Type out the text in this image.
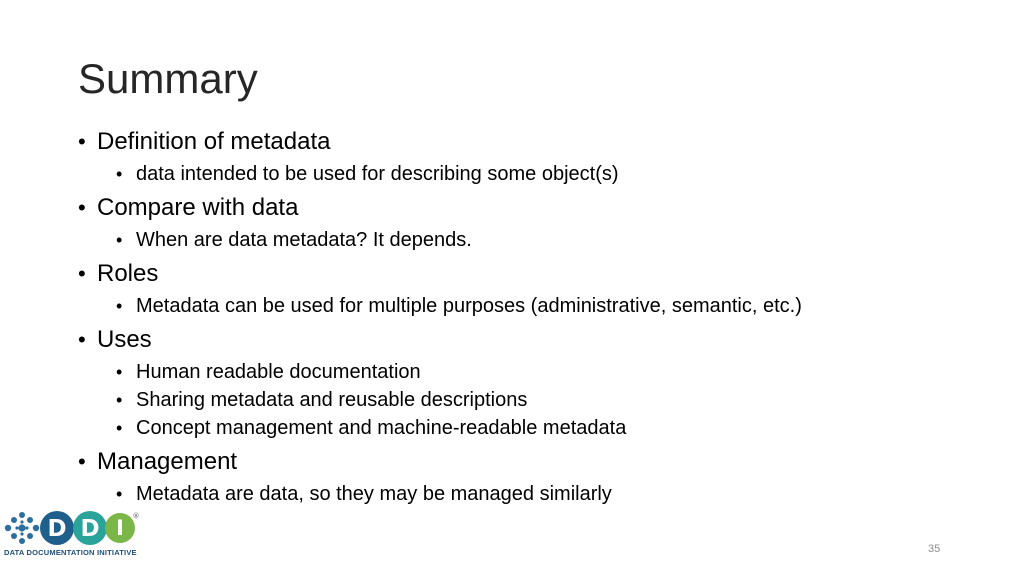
Summary
• Definition of metadata
• data intended to be used for describing some object(s)
• Compare with data
• When are data metadata? It depends.
• Roles
• Metadata can be used for multiple purposes (administrative, semantic, etc.)
• Uses
• Human readable documentation
• Sharing metadata and reusable descriptions
• Concept management and machine-readable metadata
• Management
• Metadata are data, so they may be managed similarly
D D I ®
DATA DOCUMENTATION INITIATIVE	35
